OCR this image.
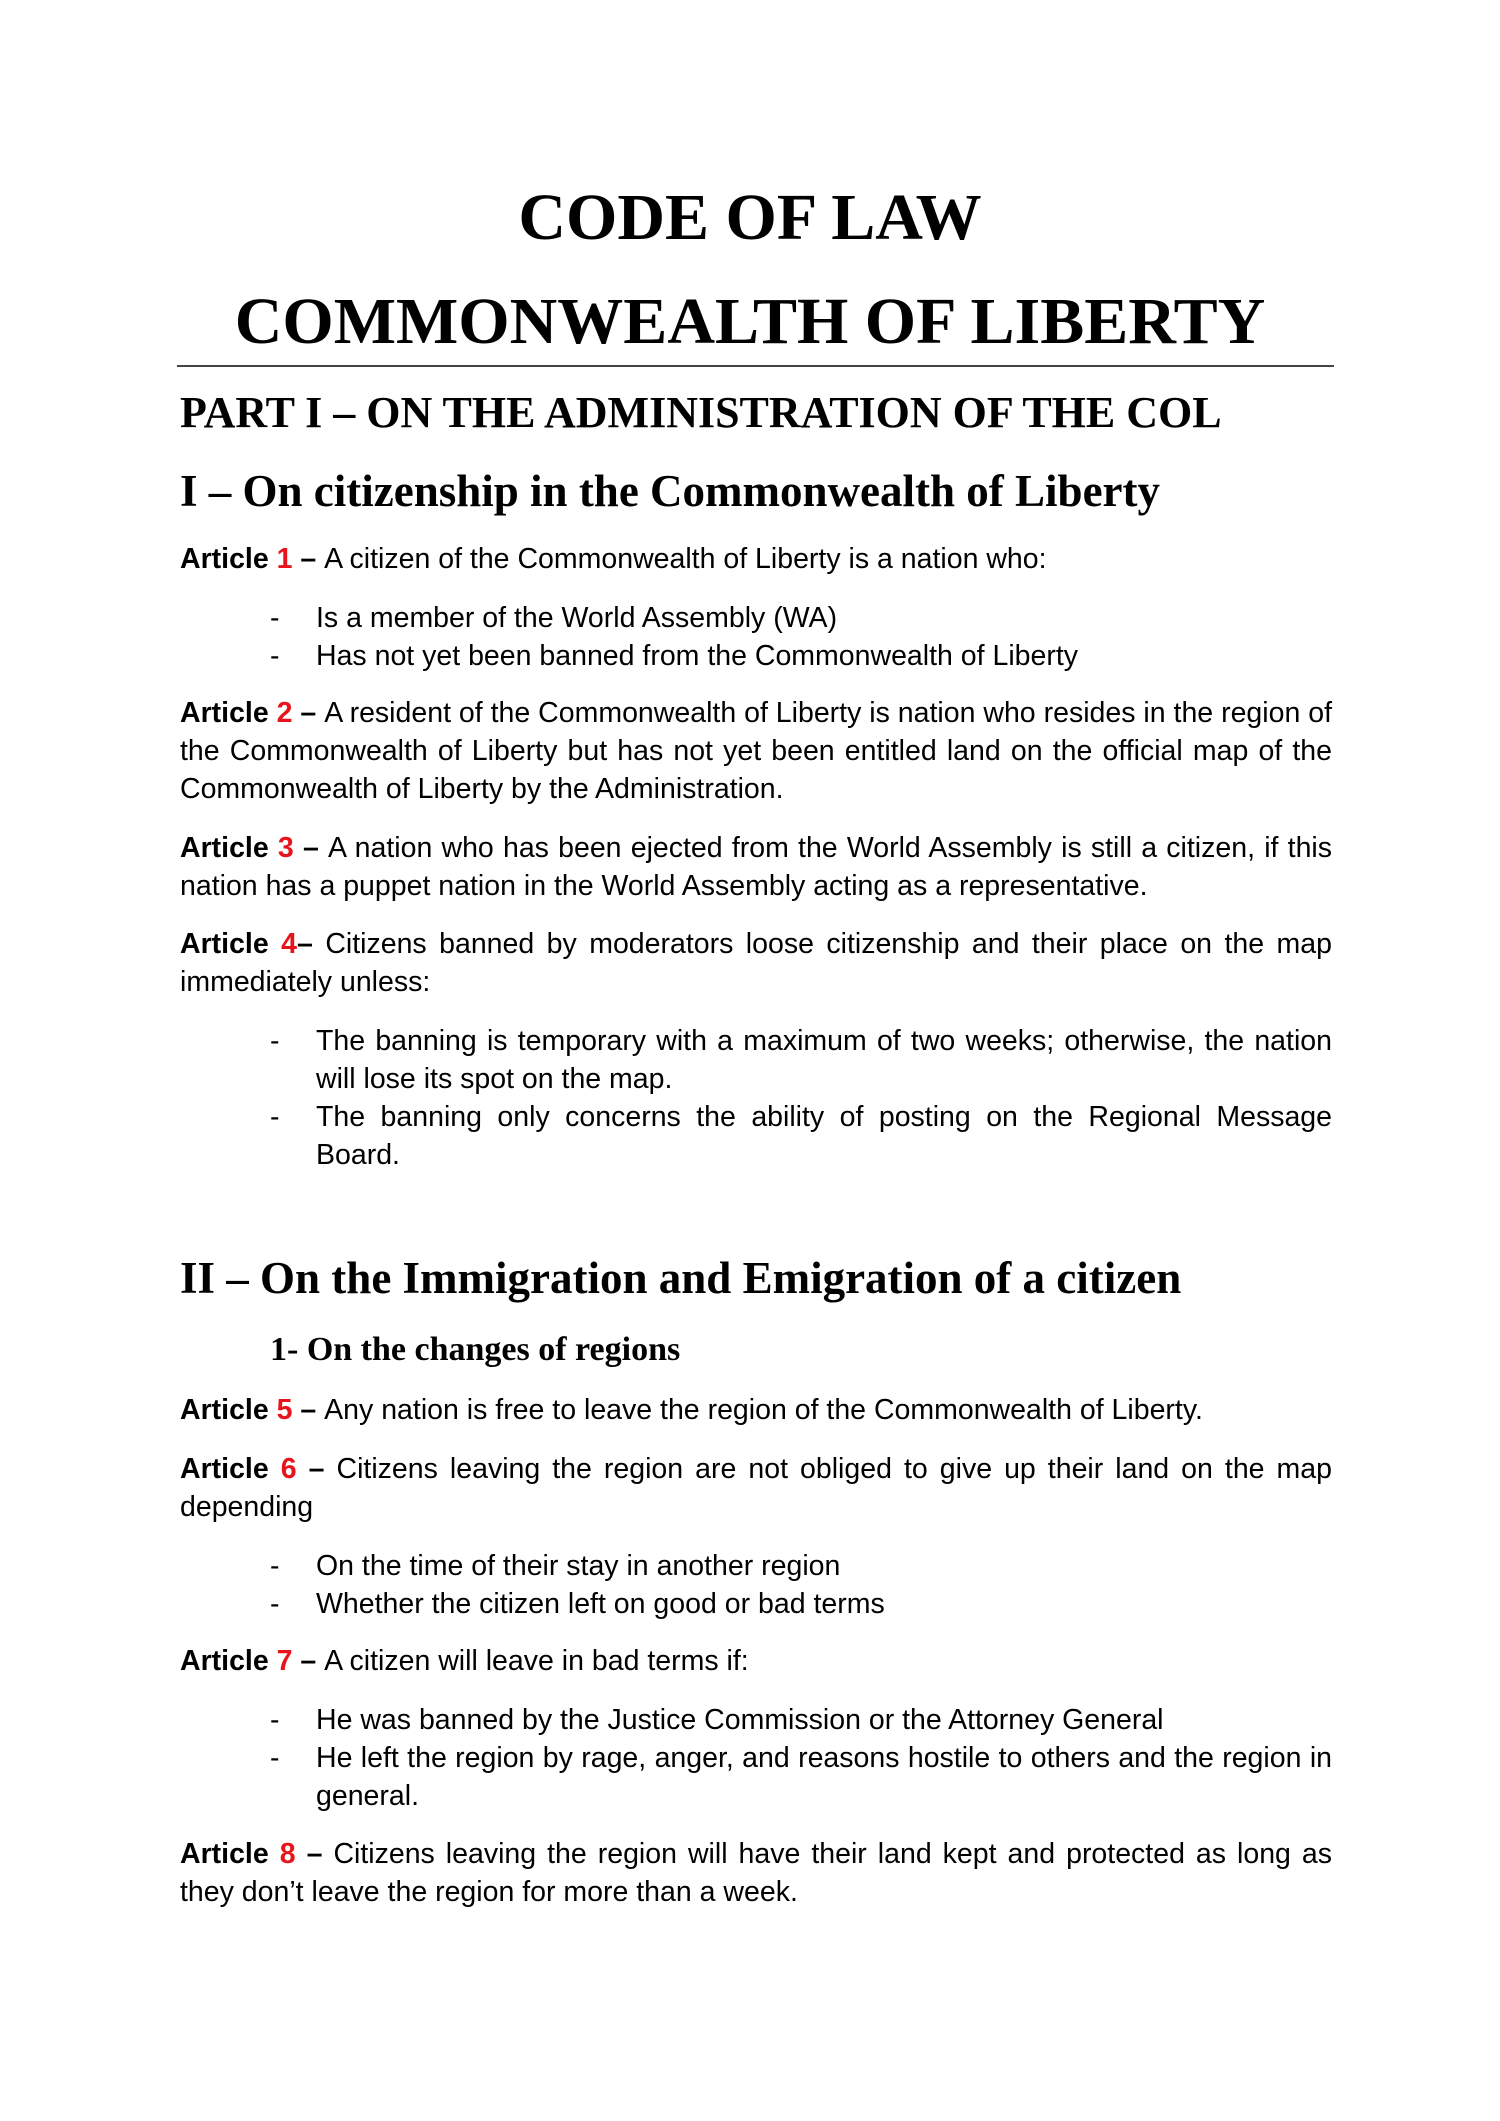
CODE OF LAW
COMMONWEALTH OF LIBERTY
PART I – ON THE ADMINISTRATION OF THE COL
I – On citizenship in the Commonwealth of Liberty
Article 1 – A citizen of the Commonwealth of Liberty is a nation who:
- Is a member of the World Assembly (WA)
- Has not yet been banned from the Commonwealth of Liberty
Article 2 – A resident of the Commonwealth of Liberty is nation who resides in the region of the Commonwealth of Liberty but has not yet been entitled land on the official map of the Commonwealth of Liberty by the Administration.
Article 3 – A nation who has been ejected from the World Assembly is still a citizen, if this nation has a puppet nation in the World Assembly acting as a representative.
Article 4– Citizens banned by moderators loose citizenship and their place on the map immediately unless:
- The banning is temporary with a maximum of two weeks; otherwise, the nation will lose its spot on the map.
- The banning only concerns the ability of posting on the Regional Message Board.
II – On the Immigration and Emigration of a citizen
1- On the changes of regions
Article 5 – Any nation is free to leave the region of the Commonwealth of Liberty.
Article 6 – Citizens leaving the region are not obliged to give up their land on the map depending
- On the time of their stay in another region
- Whether the citizen left on good or bad terms
Article 7 – A citizen will leave in bad terms if:
- He was banned by the Justice Commission or the Attorney General
- He left the region by rage, anger, and reasons hostile to others and the region in general.
Article 8 – Citizens leaving the region will have their land kept and protected as long as they don’t leave the region for more than a week.
